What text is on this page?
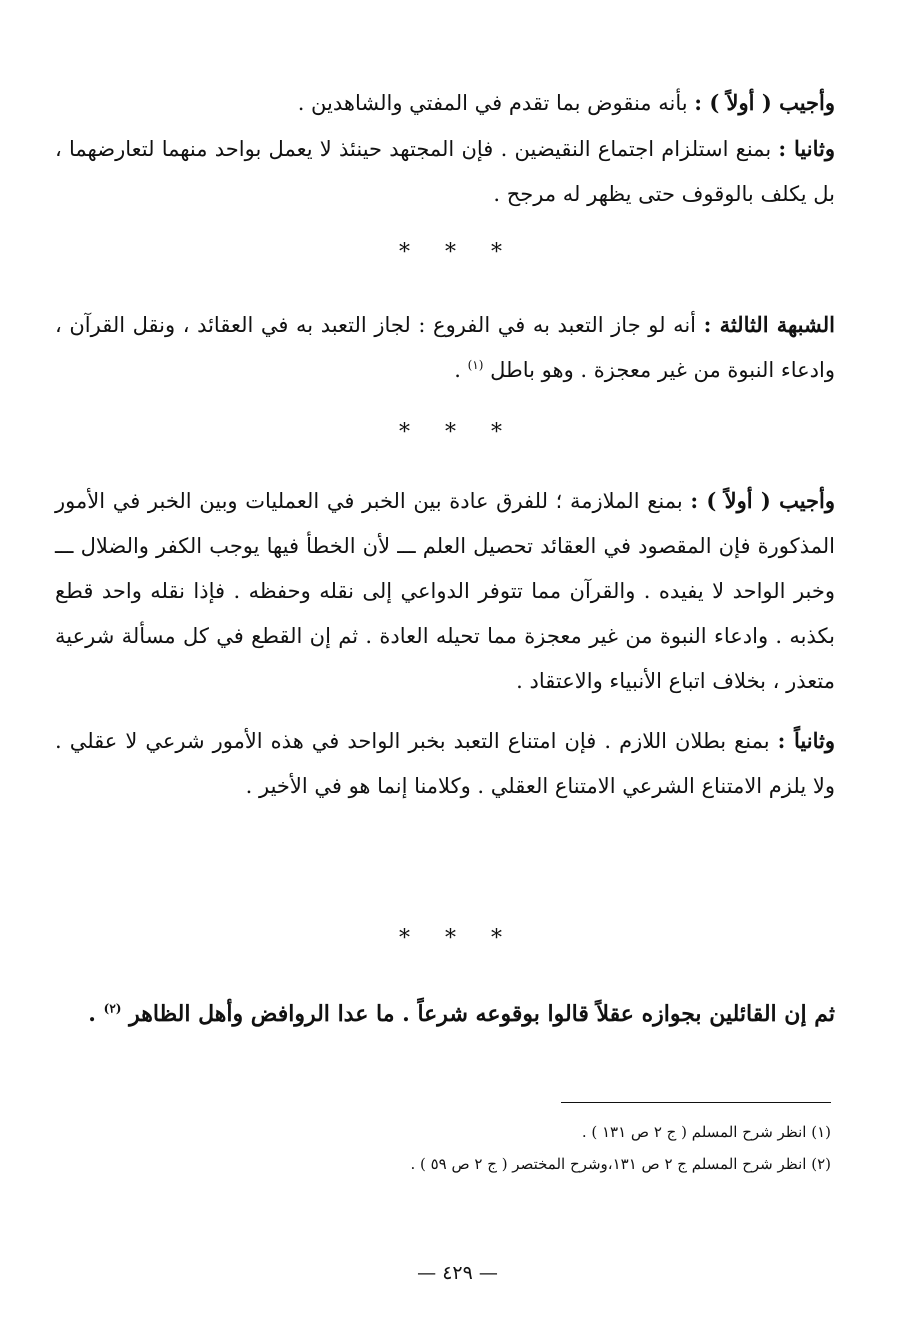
وأجيب ( أولاً ) : بأنه منقوض بما تقدم في المفتي والشاهدين .

وثانيا : بمنع استلزام اجتماع النقيضين . فإن المجتهد حينئذ لا يعمل بواحد منهما لتعارضهما ، بل يكلف بالوقوف حتى يظهر له مرجح .

* * *

الشبهة الثالثة : أنه لو جاز التعبد به في الفروع : لجاز التعبد به في العقائد ، ونقل القرآن ، وادعاء النبوة من غير معجزة . وهو باطل $^{(١)}$ .

* * *

وأجيب ( أولاً ) : بمنع الملازمة ؛ للفرق عادة بين الخبر في العمليات وبين الخبر في الأمور المذكورة فإن المقصود في العقائد تحصيل العلم ـــ لأن الخطأ فيها يوجب الكفر والضلال ـــ وخبر الواحد لا يفيده . والقرآن مما تتوفر الدواعي إلى نقله وحفظه . فإذا نقله واحد قطع بكذبه . وادعاء النبوة من غير معجزة مما تحيله العادة . ثم إن القطع في كل مسألة شرعية متعذر ، بخلاف اتباع الأنبياء والاعتقاد .

وثانياً : بمنع بطلان اللازم . فإن امتناع التعبد بخبر الواحد في هذه الأمور شرعي لا عقلي . ولا يلزم الامتناع الشرعي الامتناع العقلي . وكلامنا إنما هو في الأخير .

* * *

ثم إن القائلين بجوازه عقلاً قالوا بوقوعه شرعاً . ما عدا الروافض وأهل الظاهر $^{(٢)}$ .

(١) انظر شرح المسلم ( ج ٢ ص ١٣١ ) .

(٢) انظر شرح المسلم ج ٢ ص ١٣١،وشرح المختصر ( ج ٢ ص ٥٩ ) .

— ٤٢٩ —
